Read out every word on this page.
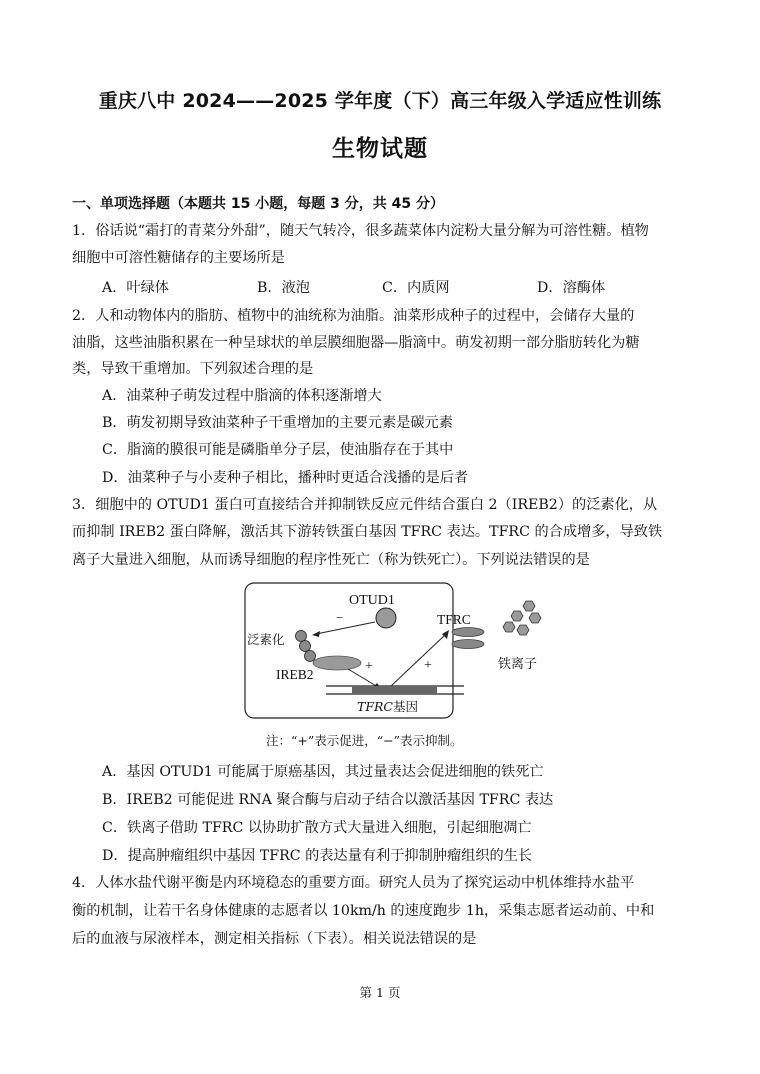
重庆八中 2024——2025 学年度（下）高三年级入学适应性训练
生物试题
一、单项选择题（本题共 15 小题，每题 3 分，共 45 分）
1．俗话说“霜打的青菜分外甜”，随天气转冷，很多蔬菜体内淀粉大量分解为可溶性糖。植物
细胞中可溶性糖储存的主要场所是
A．叶绿体	B．液泡	C．内质网	D．溶酶体
2．人和动物体内的脂肪、植物中的油统称为油脂。油菜形成种子的过程中，会储存大量的
油脂，这些油脂积累在一种呈球状的单层膜细胞器—脂滴中。萌发初期一部分脂肪转化为糖
类，导致干重增加。下列叙述合理的是
A．油菜种子萌发过程中脂滴的体积逐渐增大
B．萌发初期导致油菜种子干重增加的主要元素是碳元素
C．脂滴的膜很可能是磷脂单分子层，使油脂存在于其中
D．油菜种子与小麦种子相比，播种时更适合浅播的是后者
3．细胞中的 OTUD1 蛋白可直接结合并抑制铁反应元件结合蛋白 2（IREB2）的泛素化，从
而抑制 IREB2 蛋白降解，激活其下游转铁蛋白基因 TFRC 表达。TFRC 的合成增多，导致铁
离子大量进入细胞，从而诱导细胞的程序性死亡（称为铁死亡）。下列说法错误的是
OTUD1
−
泛素化
IREB2
+	+
TFRC
TFRC基因
铁离子
注：“+”表示促进，“−”表示抑制。
A．基因 OTUD1 可能属于原癌基因，其过量表达会促进细胞的铁死亡
B．IREB2 可能促进 RNA 聚合酶与启动子结合以激活基因 TFRC 表达
C．铁离子借助 TFRC 以协助扩散方式大量进入细胞，引起细胞凋亡
D．提高肿瘤组织中基因 TFRC 的表达量有利于抑制肿瘤组织的生长
4．人体水盐代谢平衡是内环境稳态的重要方面。研究人员为了探究运动中机体维持水盐平
衡的机制，让若干名身体健康的志愿者以 10km/h 的速度跑步 1h，采集志愿者运动前、中和
后的血液与尿液样本，测定相关指标（下表）。相关说法错误的是
第 1 页
